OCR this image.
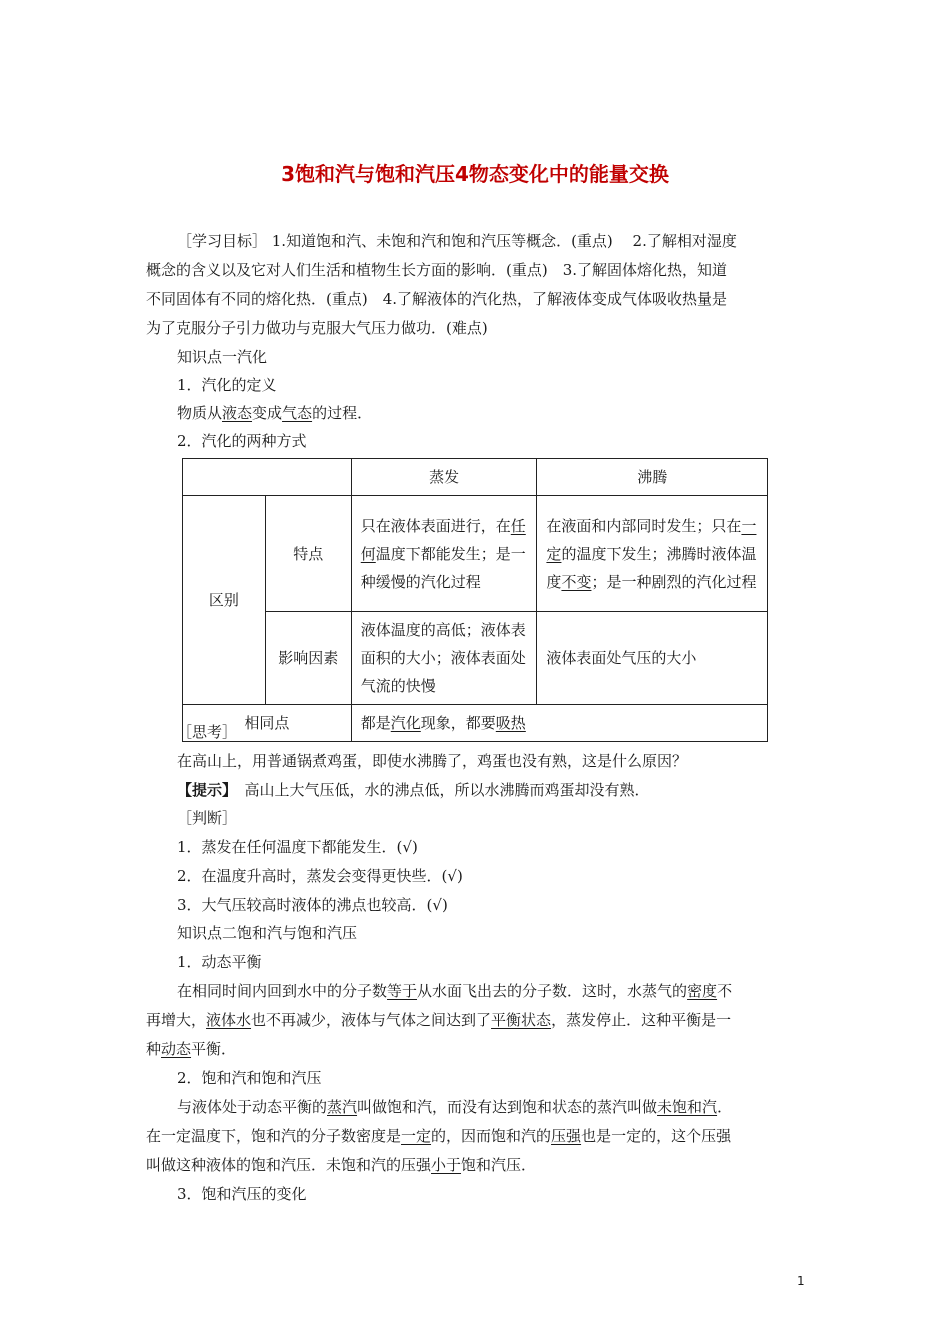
3饱和汽与饱和汽压4物态变化中的能量交换
［学习目标］ 1.知道饱和汽、未饱和汽和饱和汽压等概念．(重点)　 2.了解相对湿度
概念的含义以及它对人们生活和植物生长方面的影响．(重点)　3.了解固体熔化热，知道
不同固体有不同的熔化热．(重点)　4.了解液体的汽化热，了解液体变成气体吸收热量是
为了克服分子引力做功与克服大气压力做功．(难点)
知识点一汽化
1．汽化的定义
物质从液态变成气态的过程．
2．汽化的两种方式
		蒸发	沸腾
区别	特点	只在液体表面进行，在任何温度下都能发生；是一种缓慢的汽化过程	在液面和内部同时发生；只在一定的温度下发生；沸腾时液体温度不变；是一种剧烈的汽化过程
	影响因素	液体温度的高低；液体表面积的大小；液体表面处气流的快慢	液体表面处气压的大小
相同点		都是汽化现象，都要吸热	
［思考］
在高山上，用普通锅煮鸡蛋，即使水沸腾了，鸡蛋也没有熟，这是什么原因？
【提示】　高山上大气压低，水的沸点低，所以水沸腾而鸡蛋却没有熟．
［判断］
1．蒸发在任何温度下都能发生．(√)
2．在温度升高时，蒸发会变得更快些．(√)
3．大气压较高时液体的沸点也较高．(√)
知识点二饱和汽与饱和汽压
1．动态平衡
在相同时间内回到水中的分子数等于从水面飞出去的分子数．这时，水蒸气的密度不
再增大，液体水也不再减少，液体与气体之间达到了平衡状态，蒸发停止．这种平衡是一
种动态平衡．
2．饱和汽和饱和汽压
与液体处于动态平衡的蒸汽叫做饱和汽，而没有达到饱和状态的蒸汽叫做未饱和汽．
在一定温度下，饱和汽的分子数密度是一定的，因而饱和汽的压强也是一定的，这个压强
叫做这种液体的饱和汽压．未饱和汽的压强小于饱和汽压．
3．饱和汽压的变化
1
